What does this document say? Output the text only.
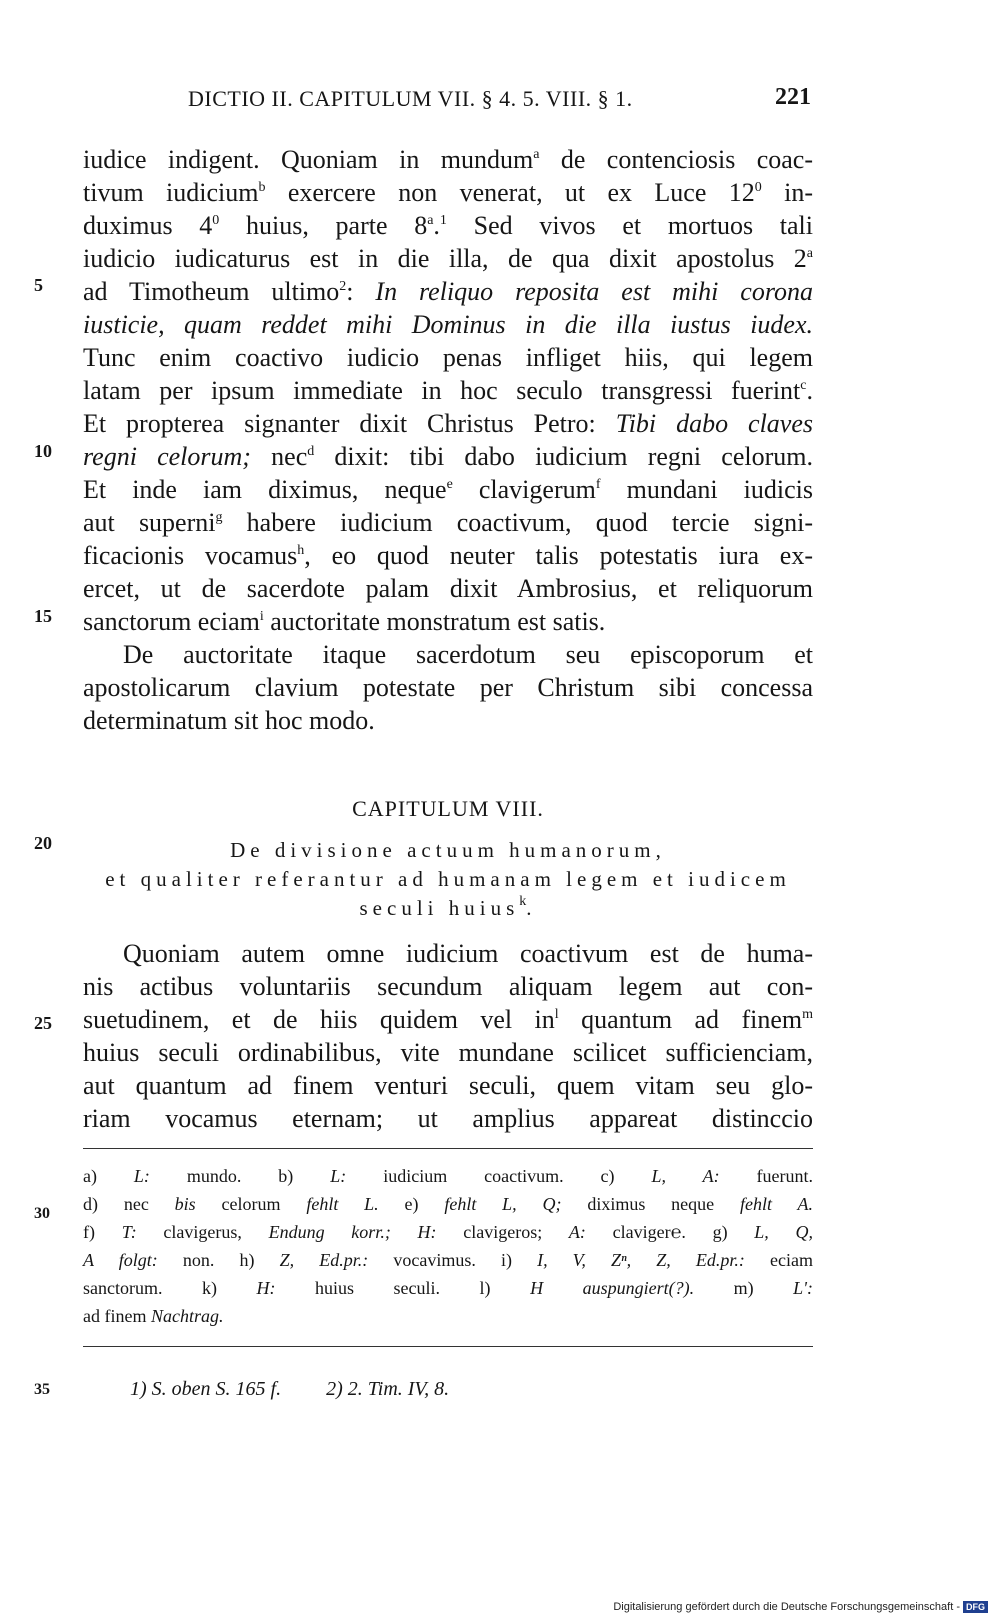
DICTIO II. CAPITULUM VII. § 4. 5. VIII. § 1.	221
5
10
15
20
25
30
35
iudice indigent. Quoniam in mundum$^a$ de contenciosis coac-
tivum iudicium$^b$ exercere non venerat, ut ex Luce $12^0$ in-
duximus $4^0$ huius, parte 8$^a$.$^1$ Sed vivos et mortuos tali
iudicio iudicaturus est in die illa, de qua dixit apostolus 2$^a$
ad Timotheum ultimo$^2$: In reliquo reposita est mihi corona
iusticie, quam reddet mihi Dominus in die illa iustus iudex.
Tunc enim coactivo iudicio penas infliget hiis, qui legem
latam per ipsum immediate in hoc seculo transgressi fuerint$^c$.
Et propterea signanter dixit Christus Petro: Tibi dabo claves
regni celorum; nec$^d$ dixit: tibi dabo iudicium regni celorum.
Et inde iam diximus, neque$^e$ clavigerum$^f$ mundani iudicis
aut superni$^g$ habere iudicium coactivum, quod tercie signi-
ficacionis vocamus$^h$, eo quod neuter talis potestatis iura ex-
ercet, ut de sacerdote palam dixit Ambrosius, et reliquorum
sanctorum eciam$^i$ auctoritate monstratum est satis.
De auctoritate itaque sacerdotum seu episcoporum et
apostolicarum clavium potestate per Christum sibi concessa
determinatum sit hoc modo.
CAPITULUM VIII.
De divisione actuum humanorum,
et qualiter referantur ad humanam legem et iudicem
seculi huius$^k$.
Quoniam autem omne iudicium coactivum est de huma-
nis actibus voluntariis secundum aliquam legem aut con-
suetudinem, et de hiis quidem vel $in^l$ quantum ad finem$^m$
huius seculi ordinabilibus, vite mundane scilicet sufficienciam,
aut quantum ad finem venturi seculi, quem vitam seu glo-
riam vocamus eternam; ut amplius appareat distinccio
a) L: mundo. b) L: iudicium coactivum. c) L, A: fuerunt.
d) nec bis celorum fehlt L. e) fehlt L, Q; diximus neque fehlt A.
f) T: clavigerus, Endung korr.; H: clavigeros; A: claviger℮. g) L, Q,
A folgt: non. h) Z, Ed.pr.: vocavimus. i) I, V, Zⁿ, Z, Ed.pr.: eciam
sanctorum. k) H: huius seculi. l) H auspungiert(?). m) L':
ad finem Nachtrag.
1) S. oben S. 165 f. 2) 2. Tim. IV, 8.
Digitalisierung gefördert durch die Deutsche Forschungsgemeinschaft - DFG
